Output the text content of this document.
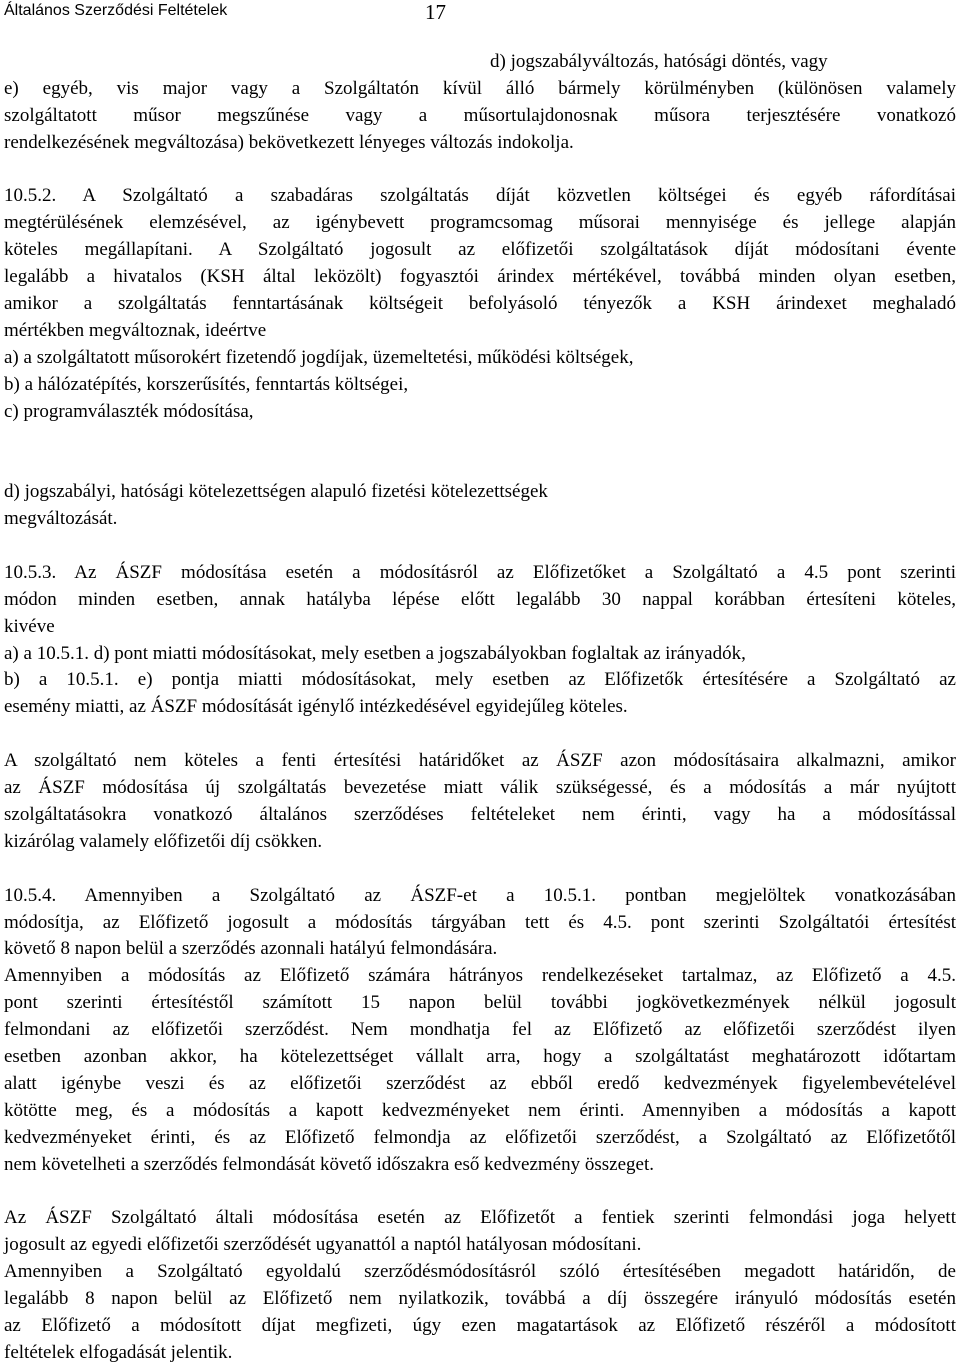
Általános Szerződési Feltételek	17
d) jogszabályváltozás, hatósági döntés, vagy
e) egyéb, vis major vagy a Szolgáltatón kívül álló bármely körülményben (különösen valamely
szolgáltatott műsor megszűnése vagy a műsortulajdonosnak műsora terjesztésére vonatkozó
rendelkezésének megváltozása) bekövetkezett lényeges változás indokolja.
10.5.2. A Szolgáltató a szabadáras szolgáltatás díját közvetlen költségei és egyéb ráfordításai
megtérülésének elemzésével, az igénybevett programcsomag műsorai mennyisége és jellege alapján
köteles megállapítani. A Szolgáltató jogosult az előfizetői szolgáltatások díját módosítani évente
legalább a hivatalos (KSH által leközölt) fogyasztói árindex mértékével, továbbá minden olyan esetben,
amikor a szolgáltatás fenntartásának költségeit befolyásoló tényezők a KSH árindexet meghaladó
mértékben megváltoznak, ideértve
a) a szolgáltatott műsorokért fizetendő jogdíjak, üzemeltetési, működési költségek,
b) a hálózatépítés, korszerűsítés, fenntartás költségei,
c) programválaszték módosítása,
d) jogszabályi, hatósági kötelezettségen alapuló fizetési kötelezettségek
megváltozását.
10.5.3. Az ÁSZF módosítása esetén a módosításról az Előfizetőket a Szolgáltató a 4.5 pont szerinti
módon minden esetben, annak hatályba lépése előtt legalább 30 nappal korábban értesíteni köteles,
kivéve
a) a 10.5.1. d) pont miatti módosításokat, mely esetben a jogszabályokban foglaltak az irányadók,
b) a 10.5.1. e) pontja miatti módosításokat, mely esetben az Előfizetők értesítésére a Szolgáltató az
esemény miatti, az ÁSZF módosítását igénylő intézkedésével egyidejűleg köteles.
A szolgáltató nem köteles a fenti értesítési határidőket az ÁSZF azon módosításaira alkalmazni, amikor
az ÁSZF módosítása új szolgáltatás bevezetése miatt válik szükségessé, és a módosítás a már nyújtott
szolgáltatásokra vonatkozó általános szerződéses feltételeket nem érinti, vagy ha a módosítással
kizárólag valamely előfizetői díj csökken.
10.5.4. Amennyiben a Szolgáltató az ÁSZF-et a 10.5.1. pontban megjelöltek vonatkozásában
módosítja, az Előfizető jogosult a módosítás tárgyában tett és 4.5. pont szerinti Szolgáltatói értesítést
követő 8 napon belül a szerződés azonnali hatályú felmondására.
Amennyiben a módosítás az Előfizető számára hátrányos rendelkezéseket tartalmaz, az Előfizető a 4.5.
pont szerinti értesítéstől számított 15 napon belül további jogkövetkezmények nélkül jogosult
felmondani az előfizetői szerződést. Nem mondhatja fel az Előfizető az előfizetői szerződést ilyen
esetben azonban akkor, ha kötelezettséget vállalt arra, hogy a szolgáltatást meghatározott időtartam
alatt igénybe veszi és az előfizetői szerződést az ebből eredő kedvezmények figyelembevételével
kötötte meg, és a módosítás a kapott kedvezményeket nem érinti. Amennyiben a módosítás a kapott
kedvezményeket érinti, és az Előfizető felmondja az előfizetői szerződést, a Szolgáltató az Előfizetőtől
nem követelheti a szerződés felmondását követő időszakra eső kedvezmény összeget.
Az ÁSZF Szolgáltató általi módosítása esetén az Előfizetőt a fentiek szerinti felmondási joga helyett
jogosult az egyedi előfizetői szerződését ugyanattól a naptól hatályosan módosítani.
Amennyiben a Szolgáltató egyoldalú szerződésmódosításról szóló értesítésében megadott határidőn, de
legalább 8 napon belül az Előfizető nem nyilatkozik, továbbá a díj összegére irányuló módosítás esetén
az Előfizető a módosított díjat megfizeti, úgy ezen magatartások az Előfizető részéről a módosított
feltételek elfogadását jelentik.
